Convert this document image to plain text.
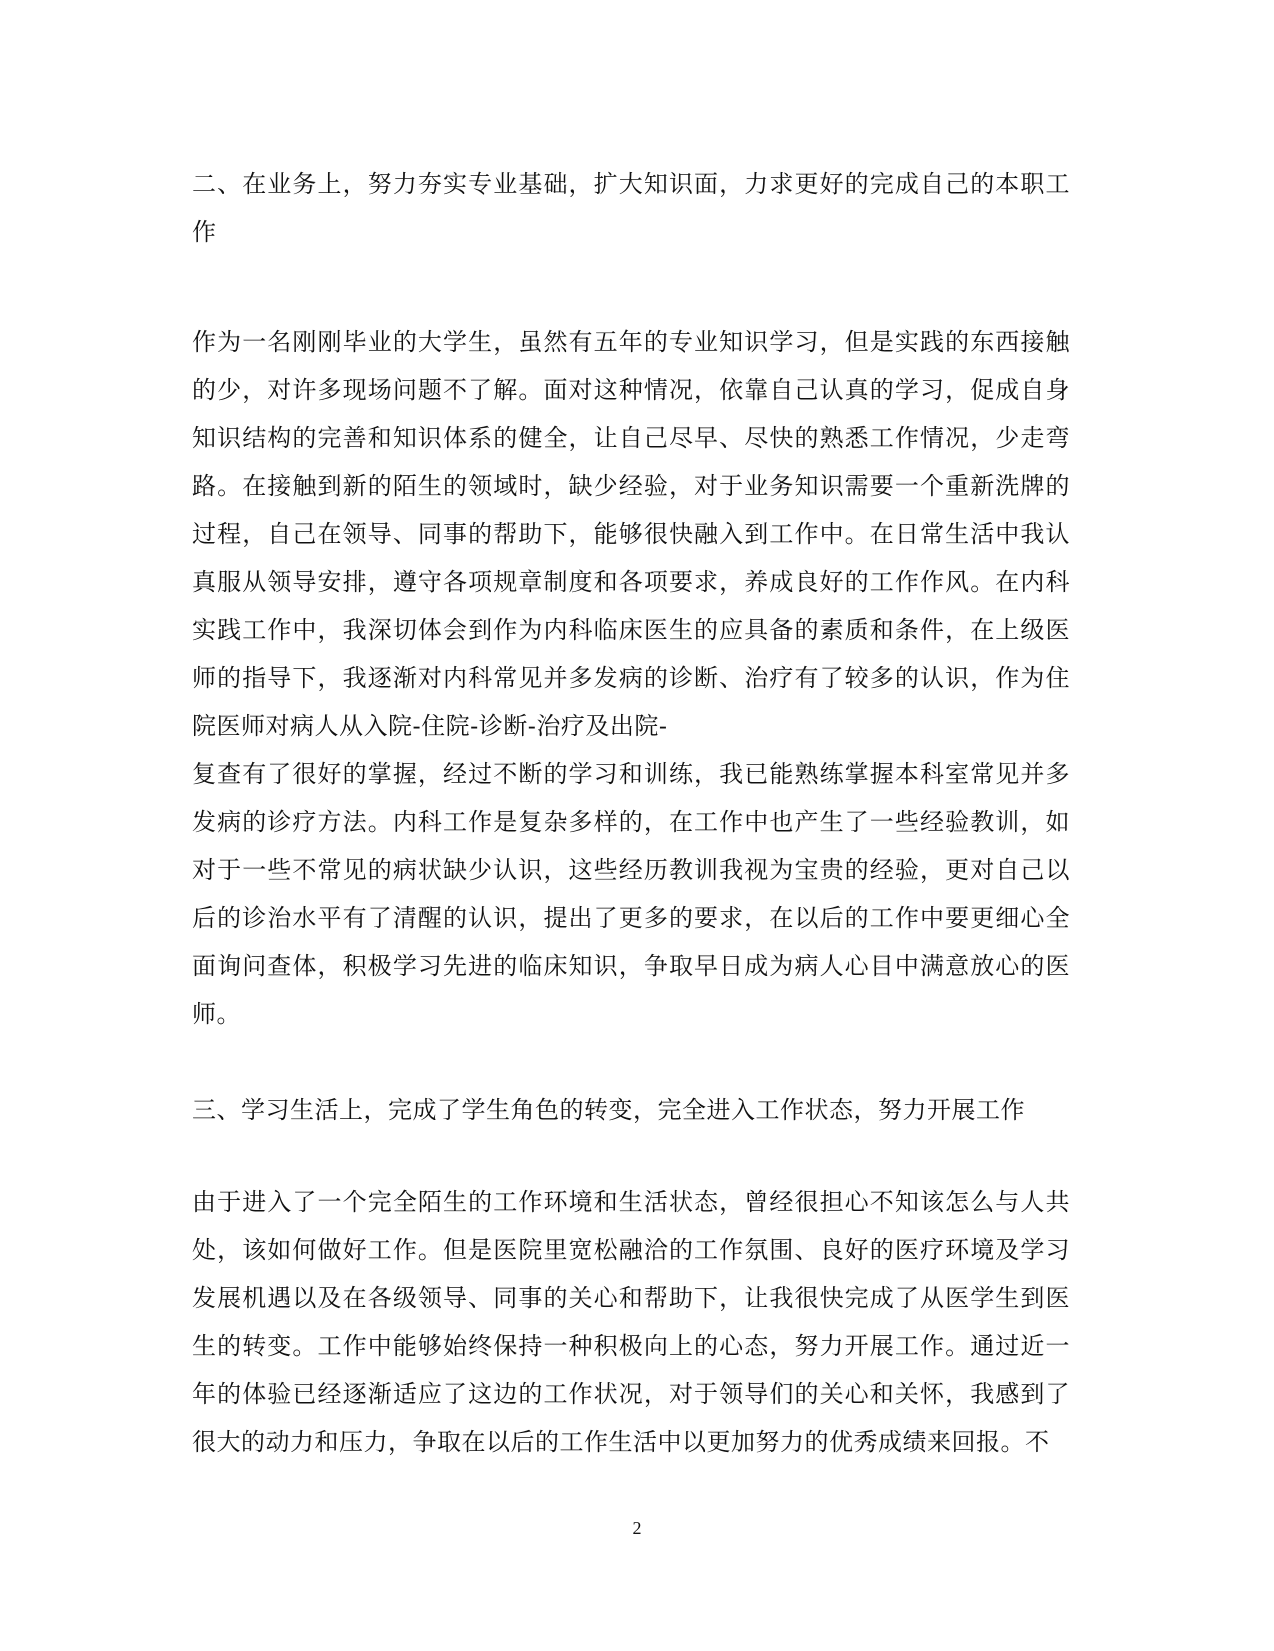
二、在业务上，努力夯实专业基础，扩大知识面，力求更好的完成自己的本职工作

作为一名刚刚毕业的大学生，虽然有五年的专业知识学习，但是实践的东西接触的少，对许多现场问题不了解。面对这种情况，依靠自己认真的学习，促成自身知识结构的完善和知识体系的健全，让自己尽早、尽快的熟悉工作情况，少走弯路。在接触到新的陌生的领域时，缺少经验，对于业务知识需要一个重新洗牌的过程，自己在领导、同事的帮助下，能够很快融入到工作中。在日常生活中我认真服从领导安排，遵守各项规章制度和各项要求，养成良好的工作作风。在内科实践工作中，我深切体会到作为内科临床医生的应具备的素质和条件，在上级医师的指导下，我逐渐对内科常见并多发病的诊断、治疗有了较多的认识，作为住院医师对病人从入院-住院-诊断-治疗及出院-

复查有了很好的掌握，经过不断的学习和训练，我已能熟练掌握本科室常见并多发病的诊疗方法。内科工作是复杂多样的，在工作中也产生了一些经验教训，如对于一些不常见的病状缺少认识，这些经历教训我视为宝贵的经验，更对自己以后的诊治水平有了清醒的认识，提出了更多的要求，在以后的工作中要更细心全面询问查体，积极学习先进的临床知识，争取早日成为病人心目中满意放心的医师。

三、学习生活上，完成了学生角色的转变，完全进入工作状态，努力开展工作

由于进入了一个完全陌生的工作环境和生活状态，曾经很担心不知该怎么与人共处，该如何做好工作。但是医院里宽松融洽的工作氛围、良好的医疗环境及学习发展机遇以及在各级领导、同事的关心和帮助下，让我很快完成了从医学生到医生的转变。工作中能够始终保持一种积极向上的心态，努力开展工作。通过近一年的体验已经逐渐适应了这边的工作状况，对于领导们的关心和关怀，我感到了很大的动力和压力，争取在以后的工作生活中以更加努力的优秀成绩来回报。不

2
